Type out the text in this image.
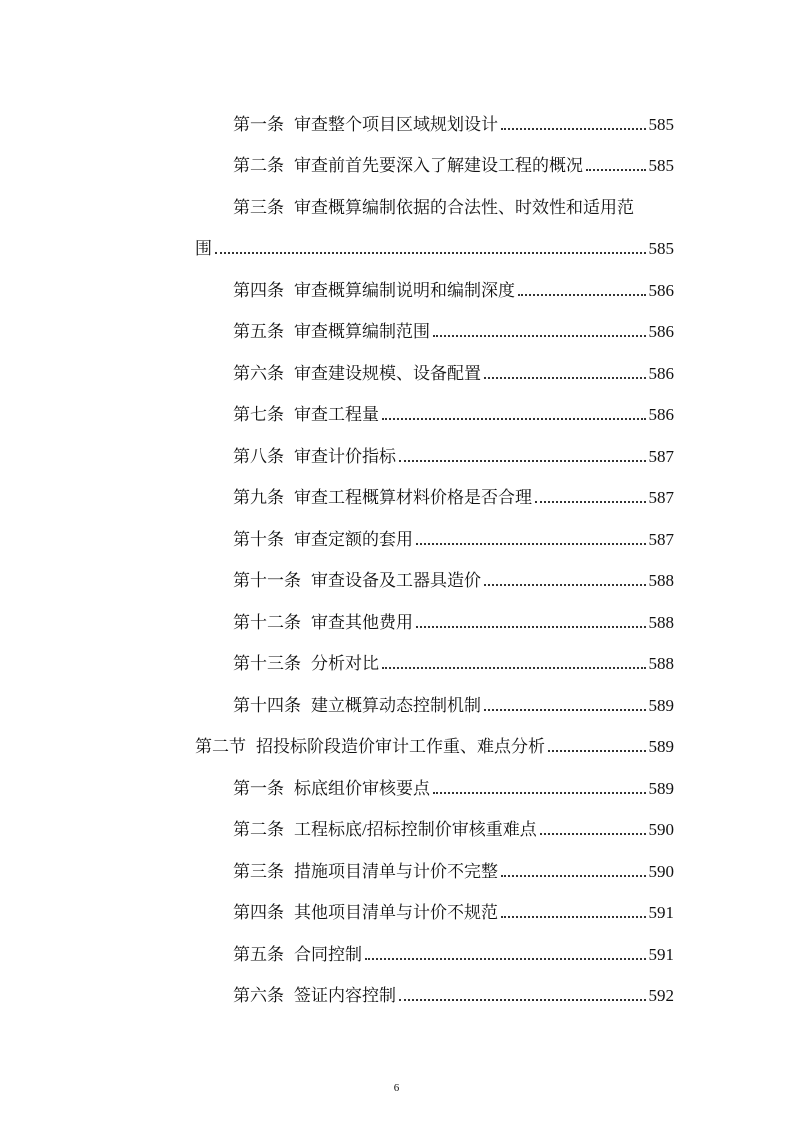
第一条 审查整个项目区域规划设计	585
第二条 审查前首先要深入了解建设工程的概况	585
第三条 审查概算编制依据的合法性、时效性和适用范
围	585
第四条 审查概算编制说明和编制深度	586
第五条 审查概算编制范围	586
第六条 审查建设规模、设备配置	586
第七条 审查工程量	586
第八条 审查计价指标	587
第九条 审查工程概算材料价格是否合理	587
第十条 审查定额的套用	587
第十一条 审查设备及工器具造价	588
第十二条 审查其他费用	588
第十三条 分析对比	588
第十四条 建立概算动态控制机制	589
第二节 招投标阶段造价审计工作重、难点分析	589
第一条 标底组价审核要点	589
第二条 工程标底/招标控制价审核重难点	590
第三条 措施项目清单与计价不完整	590
第四条 其他项目清单与计价不规范	591
第五条 合同控制	591
第六条 签证内容控制	592
6
